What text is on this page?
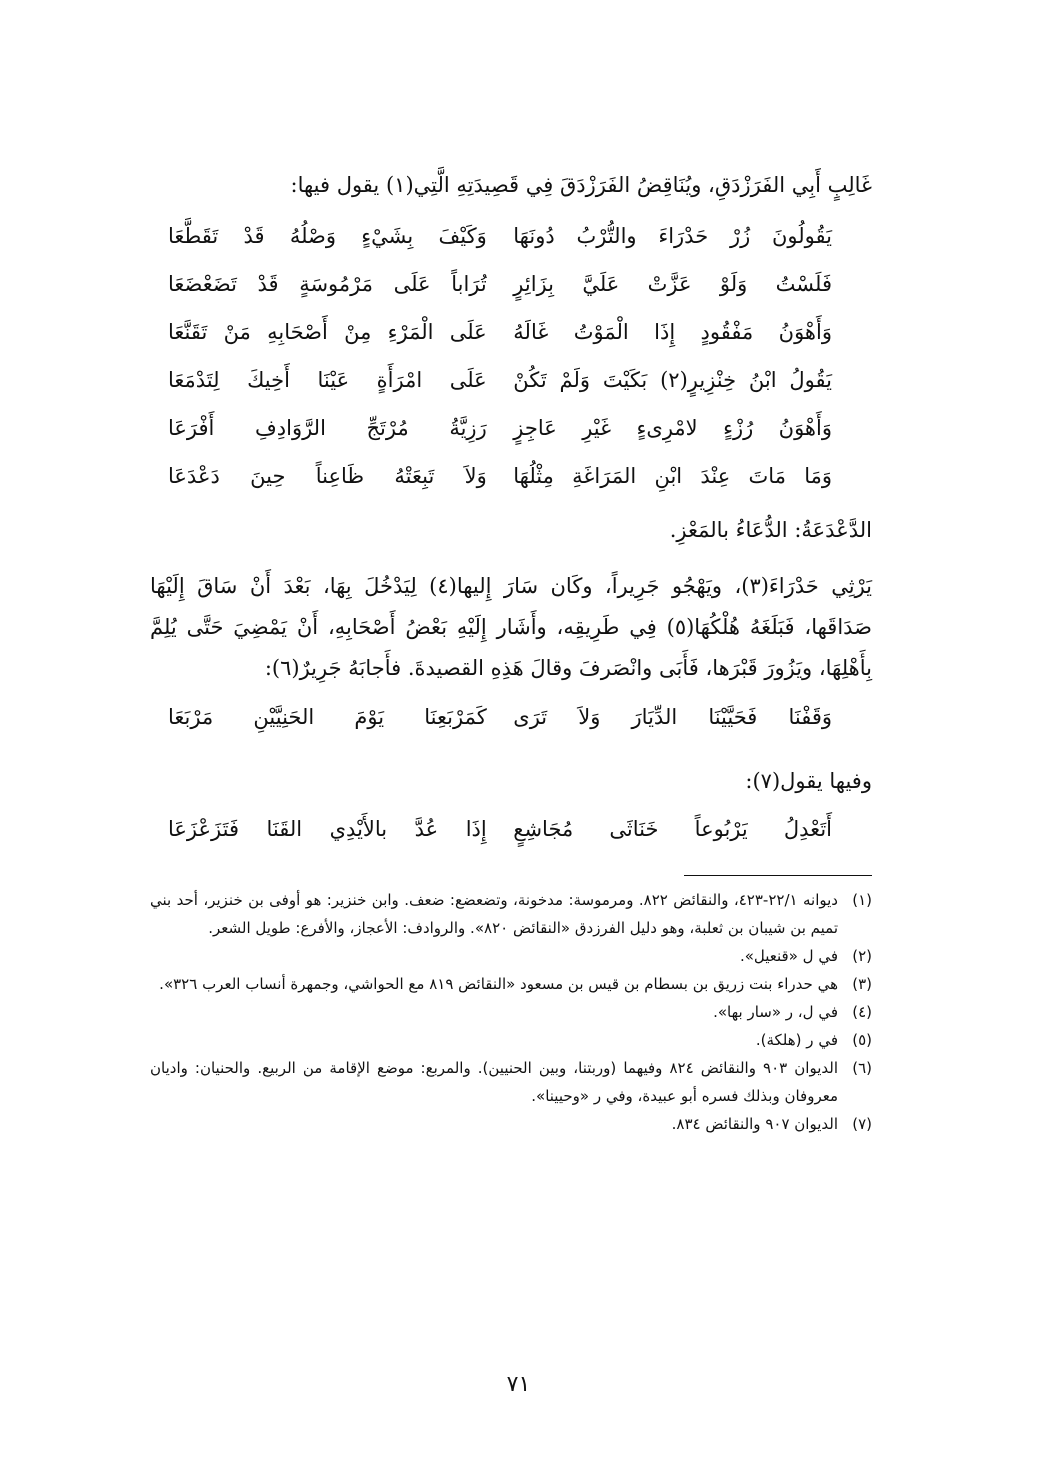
غَالِبٍ أَبِي الفَرَزْدَقِ، ويُنَاقِضُ الفَرَزْدَقَ فِي قَصِيدَتِهِ الَّتِي(١) يقول فيها:

يَقُولُونَ زُرْ حَدْرَاءَ والتُّرْبُ دُونَهَا
وَكَيْفَ بِشَيْءٍ وَصْلُهُ قَدْ تَقَطَّعَا
فَلَسْتُ وَلَوْ عَزَّتْ عَلَيَّ بِزَائِرٍ
تُرَاباً عَلَى مَرْمُوسَةٍ قَدْ تَضَعْضَعَا
وَأَهْوَنُ مَفْقُودٍ إِذَا الْمَوْتُ غَالَهُ
عَلَى الْمَرْءِ مِنْ أَصْحَابِهِ مَنْ تَقَنَّعَا
يَقُولُ ابْنُ خِنْزِيرٍ(٢) بَكَيْتَ وَلَمْ تَكُنْ
عَلَى امْرَأَةٍ عَيْنَا أَخِيكَ لِتَدْمَعَا
وَأَهْوَنُ رُزْءٍ لامْرِىءٍ غَيْرِ عَاجِزٍ
رَزِيَّةُ مُرْتَجِّ الرَّوَادِفِ أَفْرَعَا
وَمَا مَاتَ عِنْدَ ابْنِ المَرَاغَةِ مِثْلُهَا
وَلاَ تَبِعَتْهُ ظَاعِناً حِينَ دَعْدَعَا

الدَّعْدَعَةُ: الدُّعَاءُ بالمَعْزِ.

يَرْثِي حَدْرَاءَ(٣)، ويَهْجُو جَرِيراً، وكَان سَارَ إِليها(٤) لِيَدْخُلَ بِهَا، بَعْدَ أَنْ سَاقَ إِلَيْهَا صَدَاقَها، فَبَلَغَهُ هُلْكُهَا(٥) فِي طَرِيقِه، وأَشَار إِلَيْهِ بَعْضُ أَصْحَابِهِ، أَنْ يَمْضِيَ حَتَّى يُلِمَّ بِأَهْلِهَا، ويَزُورَ قَبْرَها، فَأَبَى وانْصَرفَ وقالَ هَذِهِ القصيدةَ. فأَجابَهُ جَرِيرٌ(٦):

وَقَفْنَا فَحَيَّيْنَا الدِّيَارَ وَلاَ تَرَى
كَمَرْبَعِنَا يَوْمَ الحَنِيَّيْنِ مَرْبَعَا

وفيها يقول(٧):

أَتَعْدِلُ يَرْبُوعاً خَنَاثَى مُجَاشِعٍ
إِذَا عُدَّ بالأَيْدِي القَنَا فَتَزَعْزَعَا
(١)
ديوانه ٢٢/١-٤٢٣، والنقائض ٨٢٢. ومرموسة: مدخونة، وتضعضع: ضعف. وابن خنزير: هو أوفى بن خنزير، أحد بني تميم بن شيبان بن ثعلبة، وهو دليل الفرزدق «النقائض ٨٢٠». والروادف: الأعجاز، والأفرع: طويل الشعر.
(٢)
في ل «قنعيل».
(٣)
هي حدراء بنت زريق بن بسطام بن قيس بن مسعود «النقائض ٨١٩ مع الحواشي، وجمهرة أنساب العرب ٣٢٦».
(٤)
في ل، ر «سار بها».
(٥)
في ر (هلكة).
(٦)
الديوان ٩٠٣ والنقائض ٨٢٤ وفيهما (وربتنا، وبين الحنيين). والمربع: موضع الإقامة من الربيع. والحنيان: واديان معروفان وبذلك فسره أبو عبيدة، وفي ر «وحيينا».
(٧)
الديوان ٩٠٧ والنقائض ٨٣٤.
٧١
